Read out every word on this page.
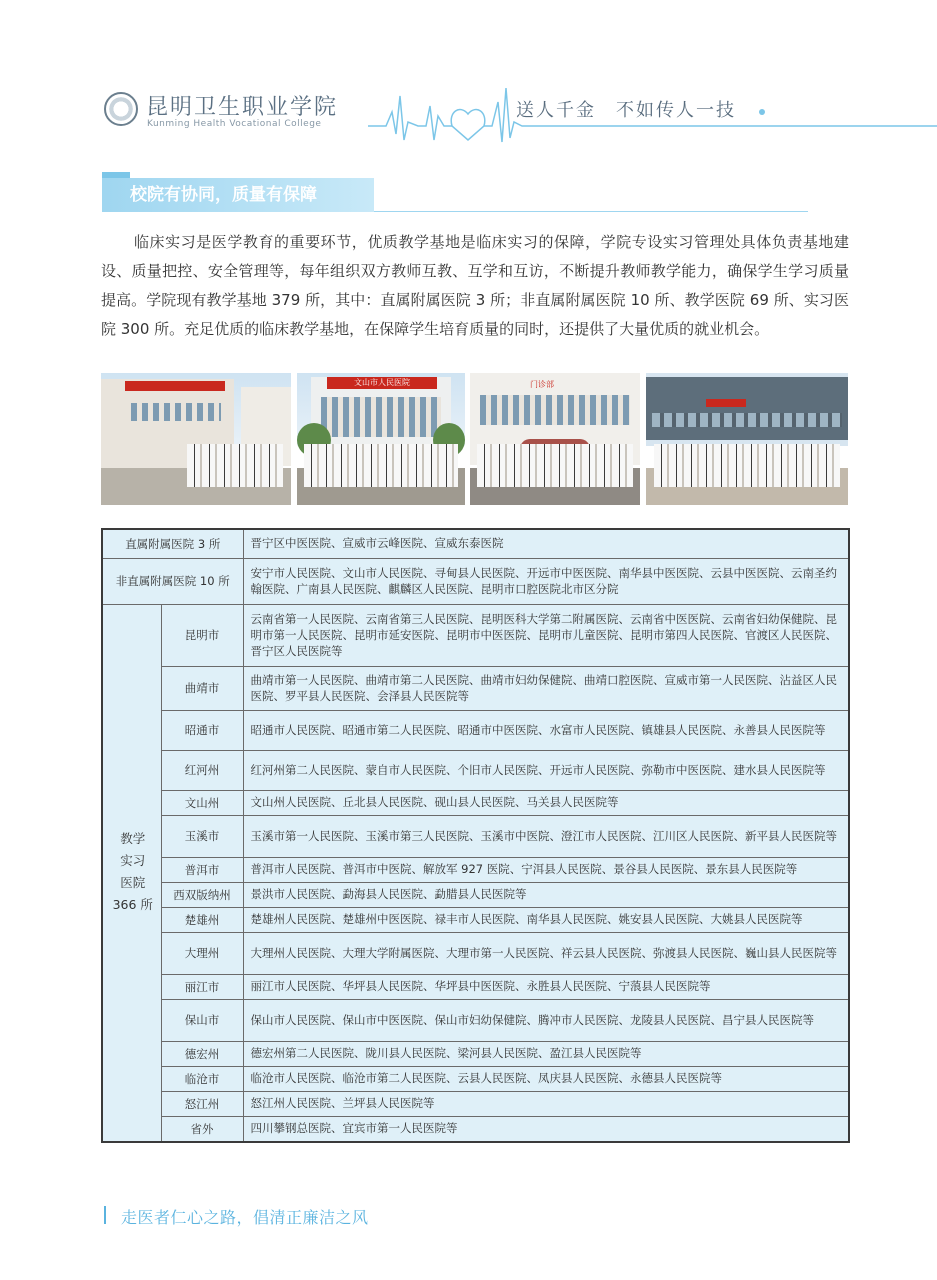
昆明卫生职业学院
Kunming Health Vocational College
送人千金　不如传人一技
校院有协同，质量有保障
临床实习是医学教育的重要环节，优质教学基地是临床实习的保障，学院专设实习管理处具体负责基地建设、质量把控、安全管理等，每年组织双方教师互教、互学和互访，不断提升教师教学能力，确保学生学习质量提高。学院现有教学基地 379 所，其中：直属附属医院 3 所；非直属附属医院 10 所、教学医院 69 所、实习医院 300 所。充足优质的临床教学基地，在保障学生培育质量的同时，还提供了大量优质的就业机会。
文山市人民医院	门诊部
直属附属医院 3 所		晋宁区中医医院、宣威市云峰医院、宣威东泰医院
非直属附属医院 10 所		安宁市人民医院、文山市人民医院、寻甸县人民医院、开远市中医医院、南华县中医医院、云县中医医院、云南圣约翰医院、广南县人民医院、麒麟区人民医院、昆明市口腔医院北市区分院

教学
实习
医院
366 所	昆明市	云南省第一人民医院、云南省第三人民医院、昆明医科大学第二附属医院、云南省中医医院、云南省妇幼保健院、昆明市第一人民医院、昆明市延安医院、昆明市中医医院、昆明市儿童医院、昆明市第四人民医院、官渡区人民医院、晋宁区人民医院等
	曲靖市	曲靖市第一人民医院、曲靖市第二人民医院、曲靖市妇幼保健院、曲靖口腔医院、宣威市第一人民医院、沾益区人民医院、罗平县人民医院、会泽县人民医院等
	昭通市	昭通市人民医院、昭通市第二人民医院、昭通市中医医院、水富市人民医院、镇雄县人民医院、永善县人民医院等
	红河州	红河州第二人民医院、蒙自市人民医院、个旧市人民医院、开远市人民医院、弥勒市中医医院、建水县人民医院等
	文山州	文山州人民医院、丘北县人民医院、砚山县人民医院、马关县人民医院等
	玉溪市	玉溪市第一人民医院、玉溪市第三人民医院、玉溪市中医院、澄江市人民医院、江川区人民医院、新平县人民医院等
	普洱市	普洱市人民医院、普洱市中医院、解放军 927 医院、宁洱县人民医院、景谷县人民医院、景东县人民医院等
	西双版纳州	景洪市人民医院、勐海县人民医院、勐腊县人民医院等
	楚雄州	楚雄州人民医院、楚雄州中医医院、禄丰市人民医院、南华县人民医院、姚安县人民医院、大姚县人民医院等
	大理州	大理州人民医院、大理大学附属医院、大理市第一人民医院、祥云县人民医院、弥渡县人民医院、巍山县人民医院等
	丽江市	丽江市人民医院、华坪县人民医院、华坪县中医医院、永胜县人民医院、宁蒗县人民医院等
	保山市	保山市人民医院、保山市中医医院、保山市妇幼保健院、腾冲市人民医院、龙陵县人民医院、昌宁县人民医院等
	德宏州	德宏州第二人民医院、陇川县人民医院、梁河县人民医院、盈江县人民医院等
	临沧市	临沧市人民医院、临沧市第二人民医院、云县人民医院、凤庆县人民医院、永德县人民医院等
	怒江州	怒江州人民医院、兰坪县人民医院等
	省外	四川攀钢总医院、宜宾市第一人民医院等
走医者仁心之路，倡清正廉洁之风
